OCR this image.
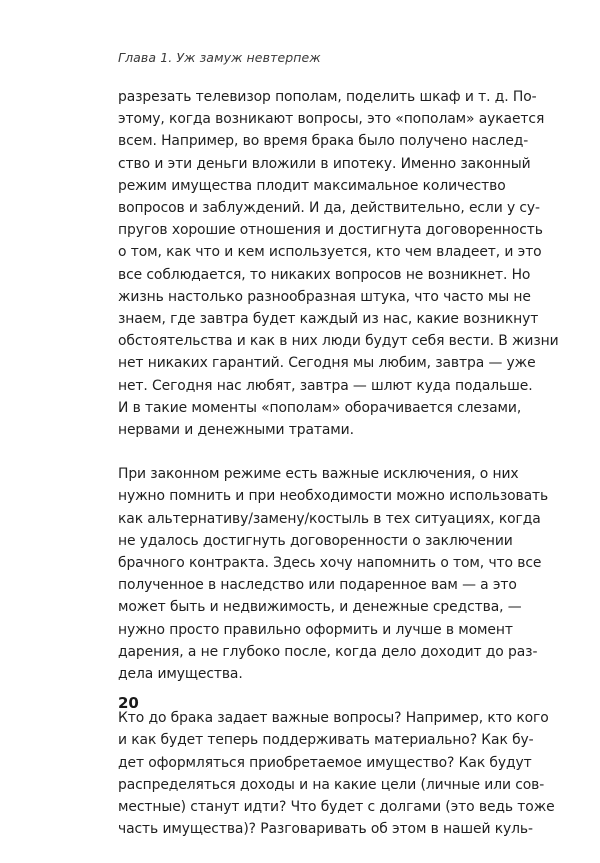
Глава 1. Уж замуж невтерпеж

разрезать телевизор пополам, поделить шкаф и т. д. По-
этому, когда возникают вопросы, это «пополам» аукается
всем. Например, во время брака было получено наслед-
ство и эти деньги вложили в ипотеку. Именно законный
режим имущества плодит максимальное количество
вопросов и заблуждений. И да, действительно, если у су-
пругов хорошие отношения и достигнута договоренность
о том, как что и кем используется, кто чем владеет, и это
все соблюдается, то никаких вопросов не возникнет. Но
жизнь настолько разнообразная штука, что часто мы не
знаем, где завтра будет каждый из нас, какие возникнут
обстоятельства и как в них люди будут себя вести. В жизни
нет никаких гарантий. Сегодня мы любим, завтра — уже
нет. Сегодня нас любят, завтра — шлют куда подальше.
И в такие моменты «пополам» оборачивается слезами,
нервами и денежными тратами.

При законном режиме есть важные исключения, о них
нужно помнить и при необходимости можно использовать
как альтернативу/замену/костыль в тех ситуациях, когда
не удалось достигнуть договоренности о заключении
брачного контракта. Здесь хочу напомнить о том, что все
полученное в наследство или подаренное вам — а это
может быть и недвижимость, и денежные средства, —
нужно просто правильно оформить и лучше в момент
дарения, а не глубоко после, когда дело доходит до раз-
дела имущества.

Кто до брака задает важные вопросы? Например, кто кого
и как будет теперь поддерживать материально? Как бу-
дет оформляться приобретаемое имущество? Как будут
распределяться доходы и на какие цели (личные или сов-
местные) станут идти? Что будет с долгами (это ведь тоже
часть имущества)? Разговаривать об этом в нашей куль-

20
